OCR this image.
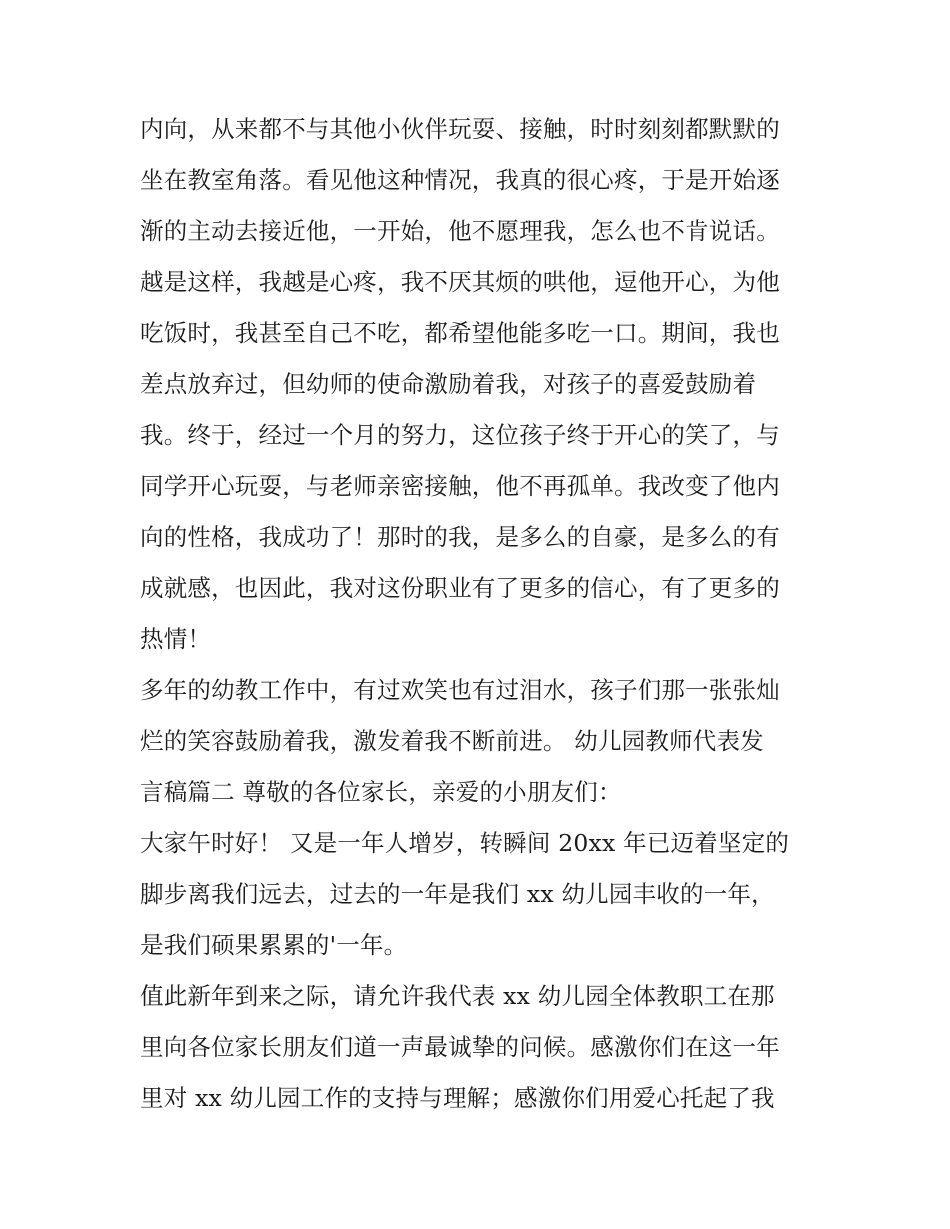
内向，从来都不与其他小伙伴玩耍、接触，时时刻刻都默默的
坐在教室角落。看见他这种情况，我真的很心疼，于是开始逐
渐的主动去接近他，一开始，他不愿理我，怎么也不肯说话。
越是这样，我越是心疼，我不厌其烦的哄他，逗他开心，为他
吃饭时，我甚至自己不吃，都希望他能多吃一口。期间，我也
差点放弃过，但幼师的使命激励着我，对孩子的喜爱鼓励着
我。终于，经过一个月的努力，这位孩子终于开心的笑了，与
同学开心玩耍，与老师亲密接触，他不再孤单。我改变了他内
向的性格，我成功了！那时的我，是多么的自豪，是多么的有
成就感，也因此，我对这份职业有了更多的信心，有了更多的
热情！
多年的幼教工作中，有过欢笑也有过泪水，孩子们那一张张灿
烂的笑容鼓励着我，激发着我不断前进。 幼儿园教师代表发
言稿篇二 尊敬的各位家长，亲爱的小朋友们：
大家午时好！ 又是一年人增岁，转瞬间 20xx 年已迈着坚定的
脚步离我们远去，过去的一年是我们 xx 幼儿园丰收的一年，
是我们硕果累累的'一年。
值此新年到来之际，请允许我代表 xx 幼儿园全体教职工在那
里向各位家长朋友们道一声最诚挚的问候。感激你们在这一年
里对 xx 幼儿园工作的支持与理解；感激你们用爱心托起了我
